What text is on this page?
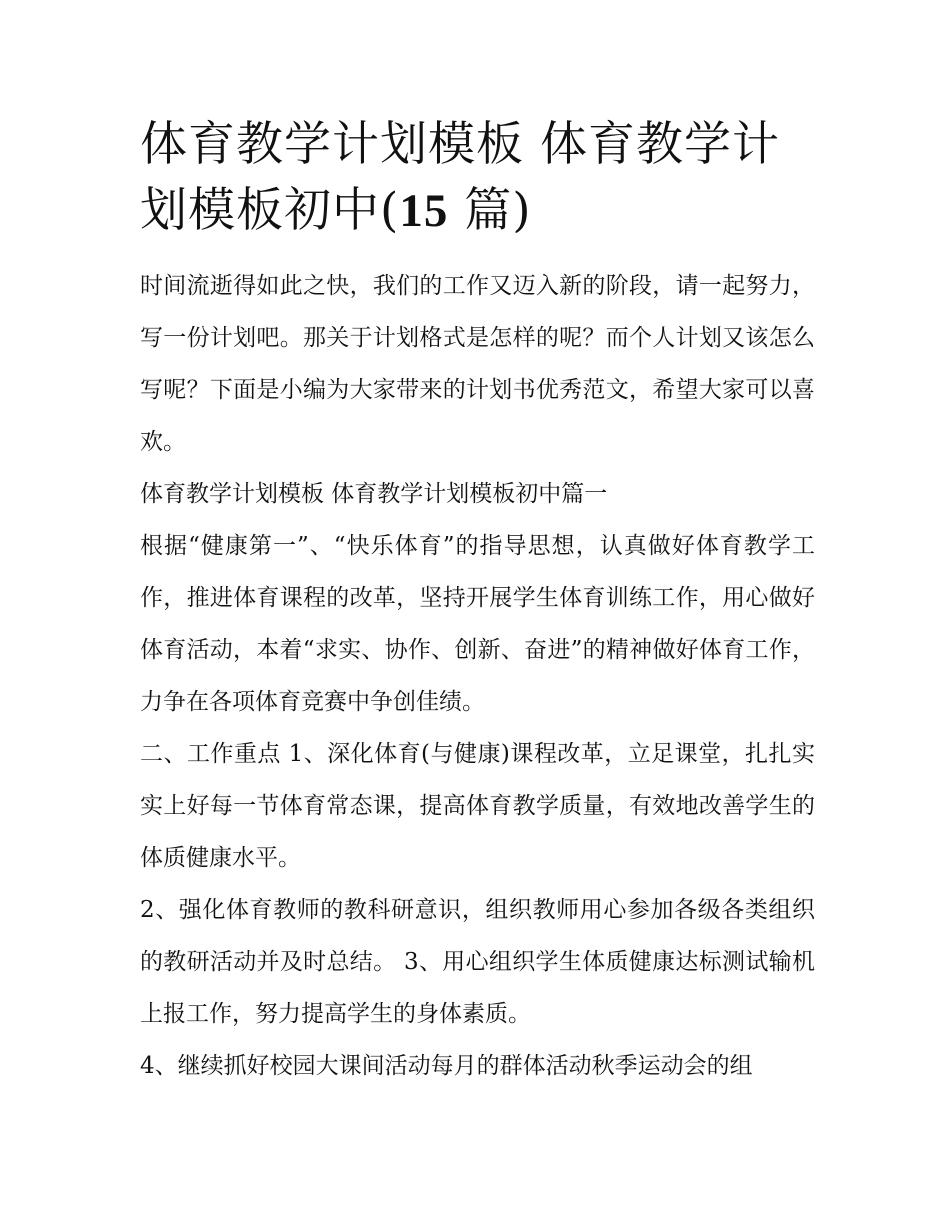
体育教学计划模板 体育教学计划模板初中(15 篇)

时间流逝得如此之快，我们的工作又迈入新的阶段，请一起努力，写一份计划吧。那关于计划格式是怎样的呢？而个人计划又该怎么写呢？下面是小编为大家带来的计划书优秀范文，希望大家可以喜欢。

体育教学计划模板 体育教学计划模板初中篇一

根据“健康第一”、“快乐体育”的指导思想，认真做好体育教学工作，推进体育课程的改革，坚持开展学生体育训练工作，用心做好体育活动，本着“求实、协作、创新、奋进”的精神做好体育工作，力争在各项体育竞赛中争创佳绩。

二、工作重点 1、深化体育(与健康)课程改革，立足课堂，扎扎实实上好每一节体育常态课，提高体育教学质量，有效地改善学生的体质健康水平。

2、强化体育教师的教科研意识，组织教师用心参加各级各类组织的教研活动并及时总结。 3、用心组织学生体质健康达标测试输机上报工作，努力提高学生的身体素质。

4、继续抓好校园大课间活动每月的群体活动秋季运动会的组
